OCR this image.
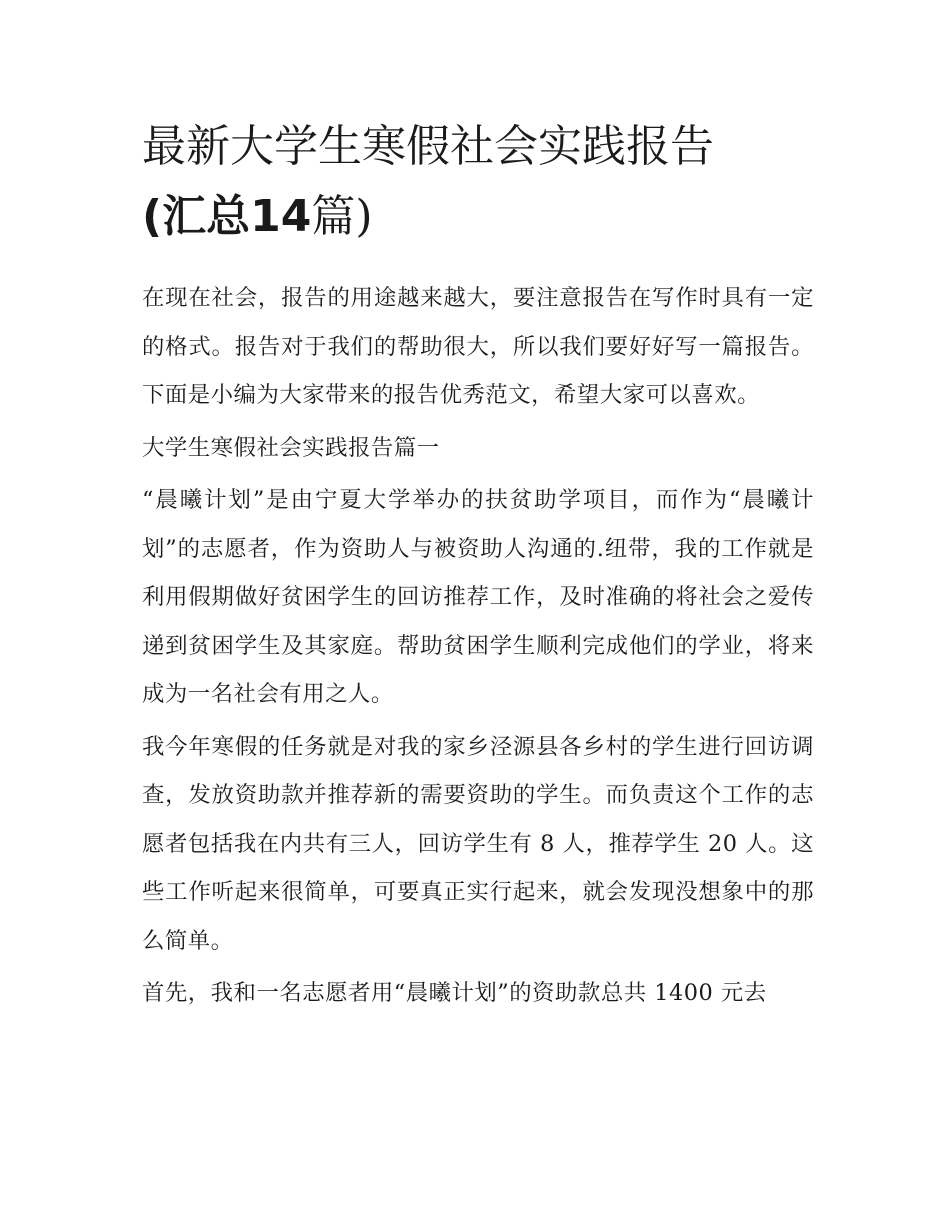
最新大学生寒假社会实践报告
(汇总14篇)

在现在社会，报告的用途越来越大，要注意报告在写作时具有一定的格式。报告对于我们的帮助很大，所以我们要好好写一篇报告。下面是小编为大家带来的报告优秀范文，希望大家可以喜欢。

大学生寒假社会实践报告篇一

“晨曦计划”是由宁夏大学举办的扶贫助学项目，而作为“晨曦计划”的志愿者，作为资助人与被资助人沟通的.纽带，我的工作就是利用假期做好贫困学生的回访推荐工作，及时准确的将社会之爱传递到贫困学生及其家庭。帮助贫困学生顺利完成他们的学业，将来成为一名社会有用之人。

我今年寒假的任务就是对我的家乡泾源县各乡村的学生进行回访调查，发放资助款并推荐新的需要资助的学生。而负责这个工作的志愿者包括我在内共有三人，回访学生有 8 人，推荐学生 20 人。这些工作听起来很简单，可要真正实行起来，就会发现没想象中的那么简单。

首先，我和一名志愿者用“晨曦计划”的资助款总共 1400 元去
